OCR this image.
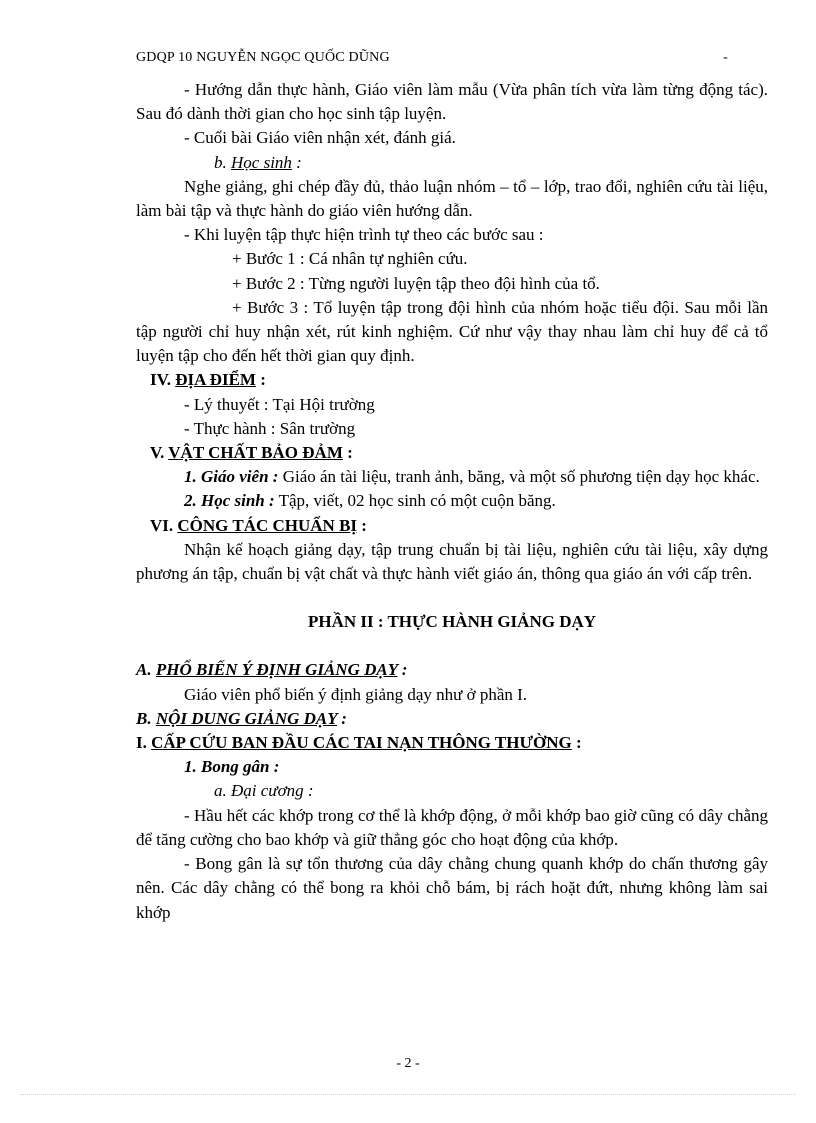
GDQP 10 NGUYỄN NGỌC QUỐC DŨNG	-

- Hướng dẫn thực hành, Giáo viên làm mẫu (Vừa phân tích vừa làm từng động tác). Sau đó dành thời gian cho học sinh tập luyện.

- Cuối bài Giáo viên nhận xét, đánh giá.

b. Học sinh :

Nghe giảng, ghi chép đầy đủ, thảo luận nhóm – tổ – lớp, trao đổi, nghiên cứu tài liệu, làm bài tập và thực hành do giáo viên hướng dẫn.

- Khi luyện tập thực hiện trình tự theo các bước sau :

+ Bước 1 : Cá nhân tự nghiên cứu.

+ Bước 2 : Từng người luyện tập theo đội hình của tổ.

+ Bước 3 : Tổ luyện tập trong đội hình của nhóm hoặc tiểu đội. Sau mỗi lần tập người chỉ huy nhận xét, rút kinh nghiệm. Cứ như vậy thay nhau làm chỉ huy để cả tổ luyện tập cho đến hết thời gian quy định.

IV. ĐỊA ĐIỂM :

- Lý thuyết : Tại Hội trường

- Thực hành : Sân trường

V. VẬT CHẤT BẢO ĐẢM :

1. Giáo viên : Giáo án tài liệu, tranh ảnh, băng, và một số phương tiện dạy học khác.

2. Học sinh : Tập, viết, 02 học sinh có một cuộn băng.

VI. CÔNG TÁC CHUẨN BỊ :

Nhận kế hoạch giảng dạy, tập trung chuẩn bị tài liệu, nghiên cứu tài liệu, xây dựng phương án tập, chuẩn bị vật chất và thực hành viết giáo án, thông qua giáo án với cấp trên.

PHẦN II : THỰC HÀNH GIẢNG DẠY

A. PHỔ BIẾN Ý ĐỊNH GIẢNG DẠY :

Giáo viên phổ biến ý định giảng dạy như ở phần I.

B. NỘI DUNG GIẢNG DẠY :

I. CẤP CỨU BAN ĐẦU CÁC TAI NẠN THÔNG THƯỜNG :

1. Bong gân :

a. Đại cương :

- Hầu hết các khớp trong cơ thể là khớp động, ở mỗi khớp bao giờ cũng có dây chằng để tăng cường cho bao khớp và giữ thẳng góc cho hoạt động của khớp.

- Bong gân là sự tổn thương của dây chằng chung quanh khớp do chấn thương gây nên. Các dây chằng có thể bong ra khỏi chỗ bám, bị rách hoặt đứt, nhưng không làm sai khớp

- 2 -
